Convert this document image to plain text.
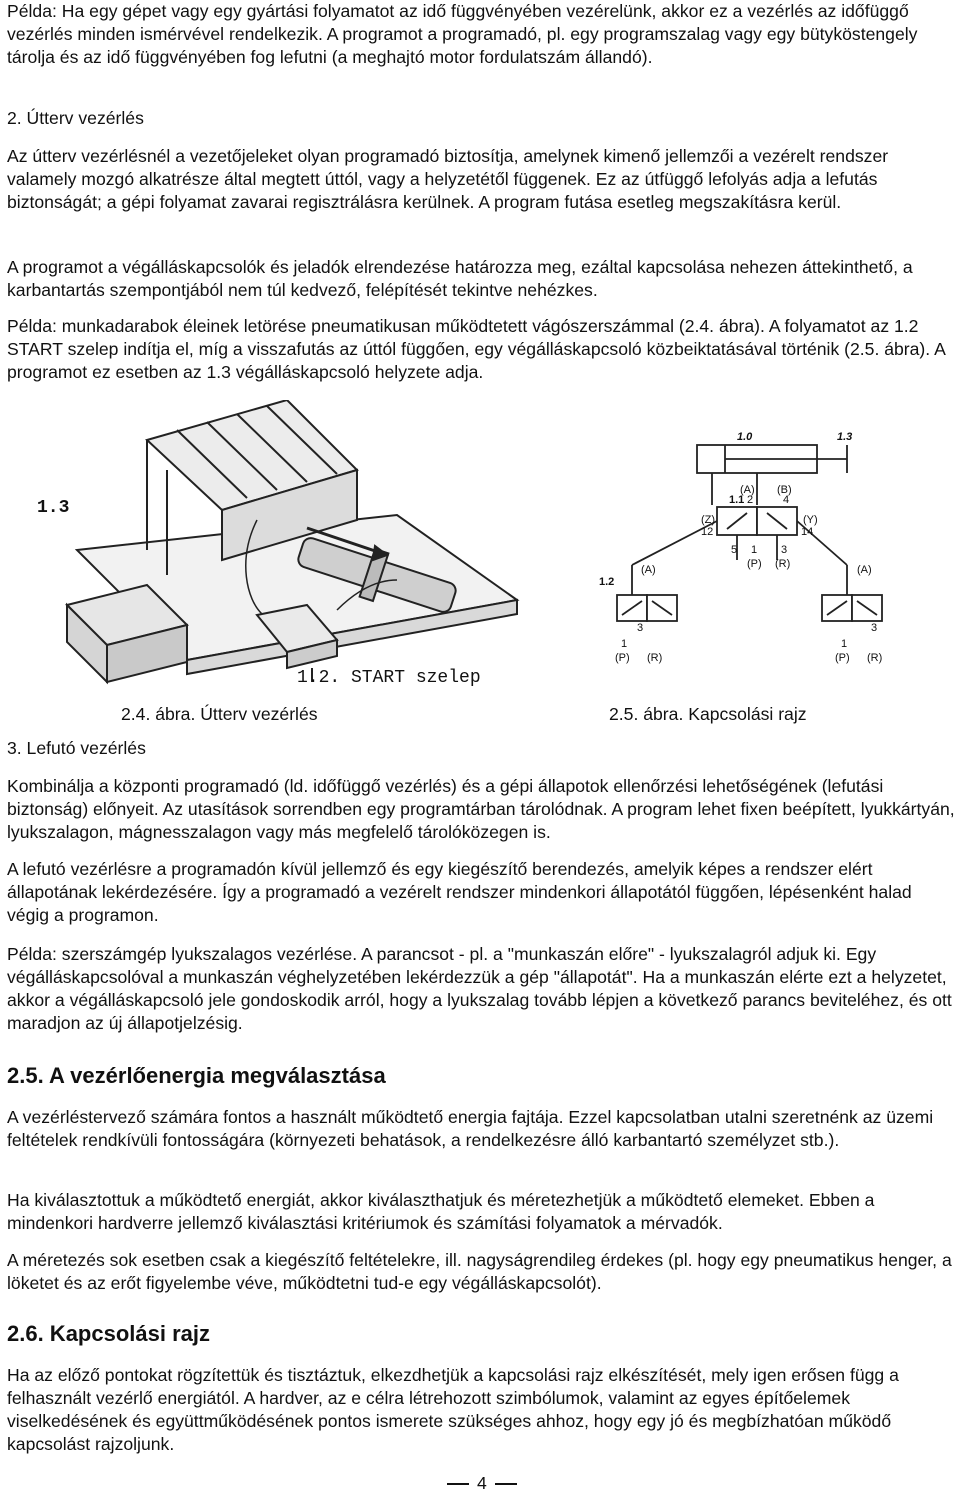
Példa: Ha egy gépet vagy egy gyártási folyamatot az idő függvényében vezérelünk, akkor ez a vezérlés az időfüggő vezérlés minden ismérvével rendelkezik. A programot a programadó, pl. egy programszalag vagy egy bütyköstengely tárolja és az idő függvényében fog lefutni (a meghajtó motor fordulatszám állandó).

2. Útterv vezérlés

Az útterv vezérlésnél a vezetőjeleket olyan programadó biztosítja, amelynek kimenő jellemzői a vezérelt rendszer valamely mozgó alkatrésze által megtett úttól, vagy a helyzetétől függenek. Ez az útfüggő lefolyás adja a lefutás biztonságát; a gépi folyamat zavarai regisztrálásra kerülnek. A program futása esetleg megszakításra kerül.

A programot a végálláskapcsolók és jeladók elrendezése határozza meg, ezáltal kapcsolása nehezen áttekinthető, a karbantartás szempontjából nem túl kedvező, felépítését tekintve nehézkes.

Példa: munkadarabok éleinek letörése pneumatikusan működtetett vágószerszámmal (2.4. ábra). A folyamatot az 1.2 START szelep indítja el, míg a visszafutás az úttól függően, egy végálláskapcsoló közbeiktatásával történik (2.5. ábra). A programot ez esetben az 1.3 végálláskapcsoló helyzete adja.

1.3
1.2. START szelep
1.0	1.3
1.1
(A) (B)
(Z)	(Y)
12	14
2	4
5	3
1
(P) (R)
1.2
(A)
3
1
(P) (R)
(A)
3
1
(P) (R)
2.4. ábra. Útterv vezérlés	2.5. ábra. Kapcsolási rajz

3. Lefutó vezérlés

Kombinálja a központi programadó (ld. időfüggő vezérlés) és a gépi állapotok ellenőrzési lehetőségének (lefutási biztonság) előnyeit. Az utasítások sorrendben egy programtárban tárolódnak. A program lehet fixen beépített, lyukkártyán, lyukszalagon, mágnesszalagon vagy más megfelelő tárolóközegen is.

A lefutó vezérlésre a programadón kívül jellemző és egy kiegészítő berendezés, amelyik képes a rendszer elért állapotának lekérdezésére. Így a programadó a vezérelt rendszer mindenkori állapotától függően, lépésenként halad végig a programon.

Példa: szerszámgép lyukszalagos vezérlése. A parancsot - pl. a "munkaszán előre" - lyukszalagról adjuk ki. Egy végálláskapcsolóval a munkaszán véghelyzetében lekérdezzük a gép "állapotát". Ha a munkaszán elérte ezt a helyzetet, akkor a végálláskapcsoló jele gondoskodik arról, hogy a lyukszalag tovább lépjen a következő parancs beviteléhez, és ott maradjon az új állapotjelzésig.

2.5. A vezérlőenergia megválasztása

A vezérléstervező számára fontos a használt működtető energia fajtája. Ezzel kapcsolatban utalni szeretnénk az üzemi feltételek rendkívüli fontosságára (környezeti behatások, a rendelkezésre álló karbantartó személyzet stb.).

Ha kiválasztottuk a működtető energiát, akkor kiválaszthatjuk és méretezhetjük a működtető elemeket. Ebben a mindenkori hardverre jellemző kiválasztási kritériumok és számítási folyamatok a mérvadók.

A méretezés sok esetben csak a kiegészítő feltételekre, ill. nagyságrendileg érdekes (pl. hogy egy pneumatikus henger, a löketet és az erőt figyelembe véve, működtetni tud-e egy végálláskapcsolót).

2.6. Kapcsolási rajz

Ha az előző pontokat rögzítettük és tisztáztuk, elkezdhetjük a kapcsolási rajz elkészítését, mely igen erősen függ a felhasznált vezérlő energiától. A hardver, az e célra létrehozott szimbólumok, valamint az egyes építőelemek viselkedésének és együttműködésének pontos ismerete szükséges ahhoz, hogy egy jó és megbízhatóan működő kapcsolást rajzoljunk.

4
